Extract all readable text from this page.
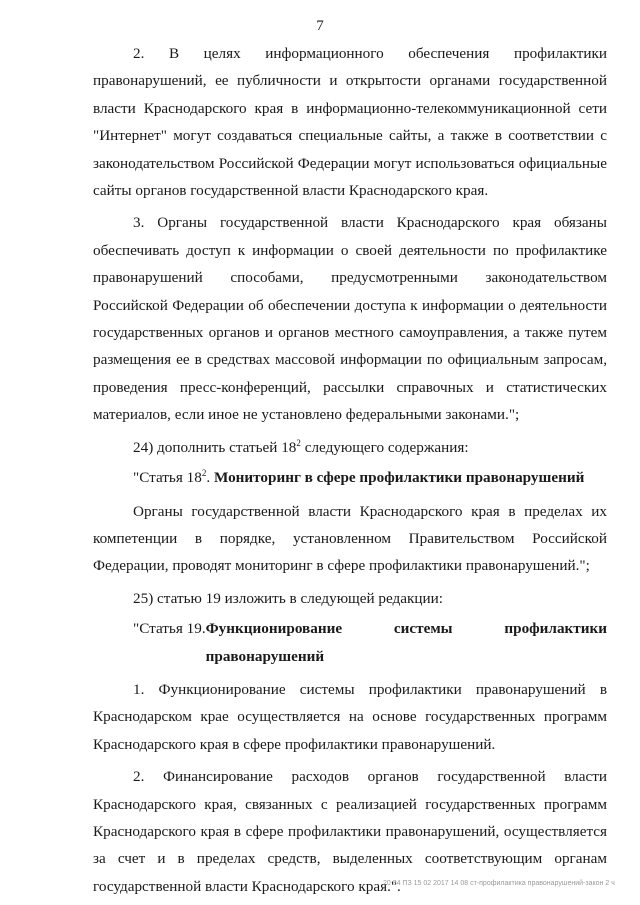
7

2. В целях информационного обеспечения профилактики правонарушений, ее публичности и открытости органами государственной власти Краснодарского края в информационно-телекоммуникационной сети "Интернет" могут создаваться специальные сайты, а также в соответствии с законодательством Российской Федерации могут использоваться официальные сайты органов государственной власти Краснодарского края.

3. Органы государственной власти Краснодарского края обязаны обеспечивать доступ к информации о своей деятельности по профилактике правонарушений способами, предусмотренными законодательством Российской Федерации об обеспечении доступа к информации о деятельности государственных органов и органов местного самоуправления, а также путем размещения ее в средствах массовой информации по официальным запросам, проведения пресс-конференций, рассылки справочных и статистических материалов, если иное не установлено федеральными законами.";

24) дополнить статьей $18^2$ следующего содержания:

"Статья $18^2$. Мониторинг в сфере профилактики правонарушений

Органы государственной власти Краснодарского края в пределах их компетенции в порядке, установленном Правительством Российской Федерации, проводят мониторинг в сфере профилактики правонарушений.";

25) статью 19 изложить в следующей редакции:

"Статья 19. Функционирование системы профилактики правонарушений

1. Функционирование системы профилактики правонарушений в Краснодарском крае осуществляется на основе государственных программ Краснодарского края в сфере профилактики правонарушений.

2. Финансирование расходов органов государственной власти Краснодарского края, связанных с реализацией государственных программ Краснодарского края в сфере профилактики правонарушений, осуществляется за счет и в пределах средств, выделенных соответствующим органам государственной власти Краснодарского края.".

20 34 ПЗ 15 02 2017 14 08 ст-профилактика правонарушений-закон 2 ч
